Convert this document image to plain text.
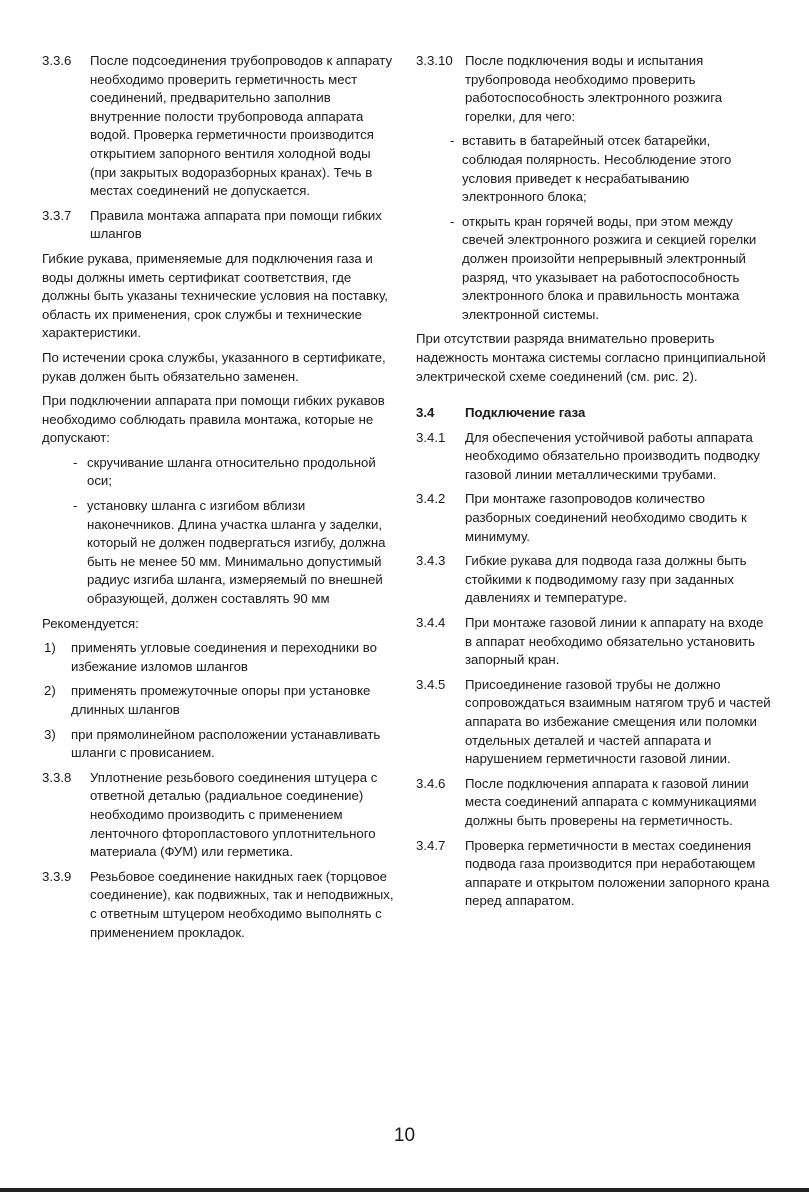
3.3.6	После подсоединения трубопроводов к аппарату необходимо проверить герметичность мест соединений, предварительно заполнив внутренние полости трубопровода аппарата водой. Проверка герметичности производится открытием запорного вентиля холодной воды (при закрытых водоразборных кранах). Течь в местах соединений не допускается.
3.3.7	Правила монтажа аппарата при помощи гибких шлангов
Гибкие рукава, применяемые для подключения газа и воды должны иметь сертификат соответствия, где должны быть указаны технические условия на поставку, область их применения, срок службы и технические характеристики.
По истечении срока службы, указанного в сертификате, рукав должен быть обязательно заменен.
При подключении аппарата при помощи гибких рукавов необходимо соблюдать правила монтажа, которые не допускают:
- скручивание шланга относительно продольной оси;
- установку шланга с изгибом вблизи наконечников. Длина участка шланга у заделки, который не должен подвергаться изгибу, должна быть не менее 50 мм. Минимально допустимый радиус изгиба шланга, измеряемый по внешней образующей, должен составлять 90 мм
Рекомендуется:
1)	применять угловые соединения и переходники во избежание изломов шлангов
2)	применять промежуточные опоры при установке длинных шлангов
3)	при прямолинейном расположении устанавливать шланги с провисанием.
3.3.8	Уплотнение резьбового соединения штуцера с ответной деталью (радиальное соединение) необходимо производить с применением ленточного фторопластового уплотнительного материала (ФУМ) или герметика.
3.3.9	Резьбовое соединение накидных гаек (торцовое соединение), как подвижных, так и неподвижных, с ответным штуцером необходимо выполнять с применением прокладок.
3.3.10 После подключения воды и испытания трубопровода необходимо проверить работоспособность электронного розжига горелки, для чего:
- вставить в батарейный отсек батарейки, соблюдая полярность. Несоблюдение этого условия приведет к несрабатыванию электронного блока;
- открыть кран горячей воды, при этом между свечей электронного розжига и секцией горелки должен произойти непрерывный электронный разряд, что указывает на работоспособность электронного блока и правильность монтажа электронной системы.
При отсутствии разряда внимательно проверить надежность монтажа системы согласно принципиальной электрической схеме соединений (см. рис. 2).
3.4	Подключение газа
3.4.1	Для обеспечения устойчивой работы аппарата необходимо обязательно производить подводку газовой линии металлическими трубами.
3.4.2	При монтаже газопроводов количество разборных соединений необходимо сводить к минимуму.
3.4.3	Гибкие рукава для подвода газа должны быть стойкими к подводимому газу при заданных давлениях и температуре.
3.4.4	При монтаже газовой линии к аппарату на входе в аппарат необходимо обязательно установить запорный кран.
3.4.5	Присоединение газовой трубы не должно сопровождаться взаимным натягом труб и частей аппарата во избежание смещения или поломки отдельных деталей и частей аппарата и нарушением герметичности газовой линии.
3.4.6	После подключения аппарата к газовой линии места соединений аппарата с коммуникациями должны быть проверены на герметичность.
3.4.7	Проверка герметичности в местах соединения подвода газа производится при неработающем аппарате и открытом положении запорного крана перед аппаратом.
10
